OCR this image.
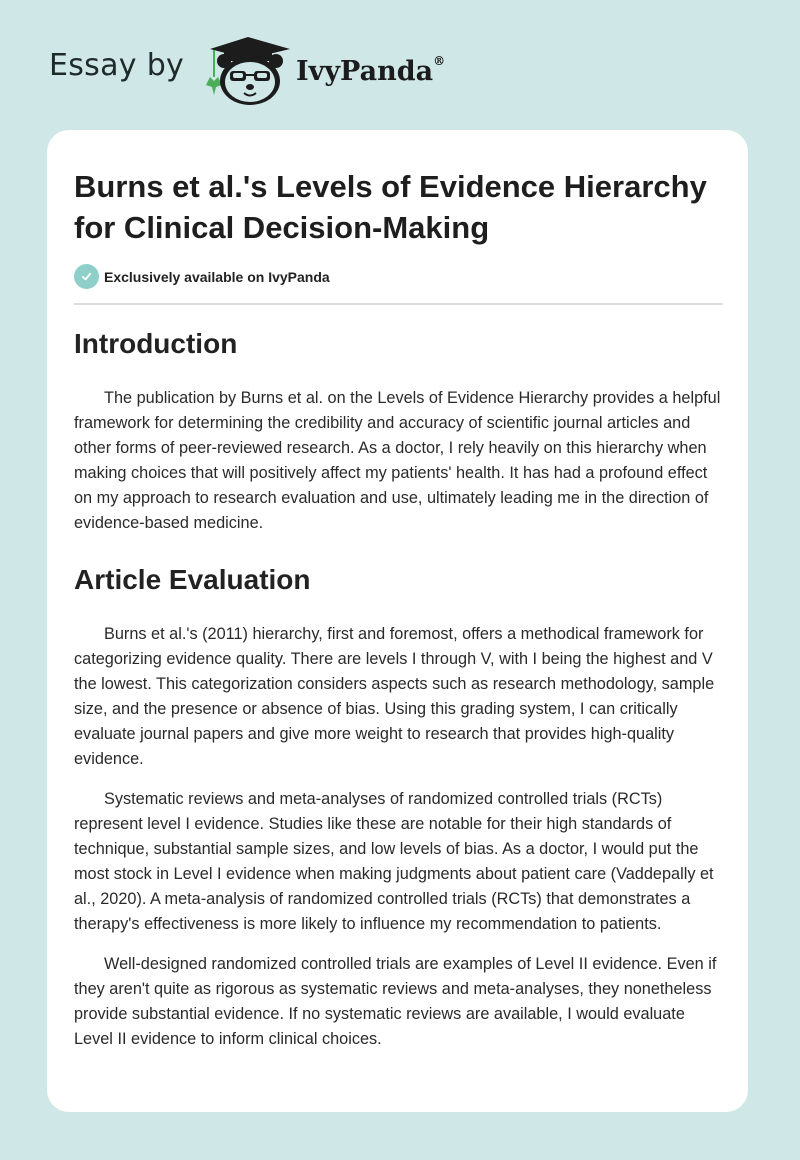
Essay by	IvyPanda®
Burns et al.'s Levels of Evidence Hierarchy for Clinical Decision-Making
Exclusively available on IvyPanda
Introduction

The publication by Burns et al. on the Levels of Evidence Hierarchy provides a helpful framework for determining the credibility and accuracy of scientific journal articles and other forms of peer-reviewed research. As a doctor, I rely heavily on this hierarchy when making choices that will positively affect my patients' health. It has had a profound effect on my approach to research evaluation and use, ultimately leading me in the direction of evidence-based medicine.

Article Evaluation

Burns et al.'s (2011) hierarchy, first and foremost, offers a methodical framework for categorizing evidence quality. There are levels I through V, with I being the highest and V the lowest. This categorization considers aspects such as research methodology, sample size, and the presence or absence of bias. Using this grading system, I can critically evaluate journal papers and give more weight to research that provides high-quality evidence.

Systematic reviews and meta-analyses of randomized controlled trials (RCTs) represent level I evidence. Studies like these are notable for their high standards of technique, substantial sample sizes, and low levels of bias. As a doctor, I would put the most stock in Level I evidence when making judgments about patient care (Vaddepally et al., 2020). A meta-analysis of randomized controlled trials (RCTs) that demonstrates a therapy's effectiveness is more likely to influence my recommendation to patients.

Well-designed randomized controlled trials are examples of Level II evidence. Even if they aren't quite as rigorous as systematic reviews and meta-analyses, they nonetheless provide substantial evidence. If no systematic reviews are available, I would evaluate Level II evidence to inform clinical choices.
